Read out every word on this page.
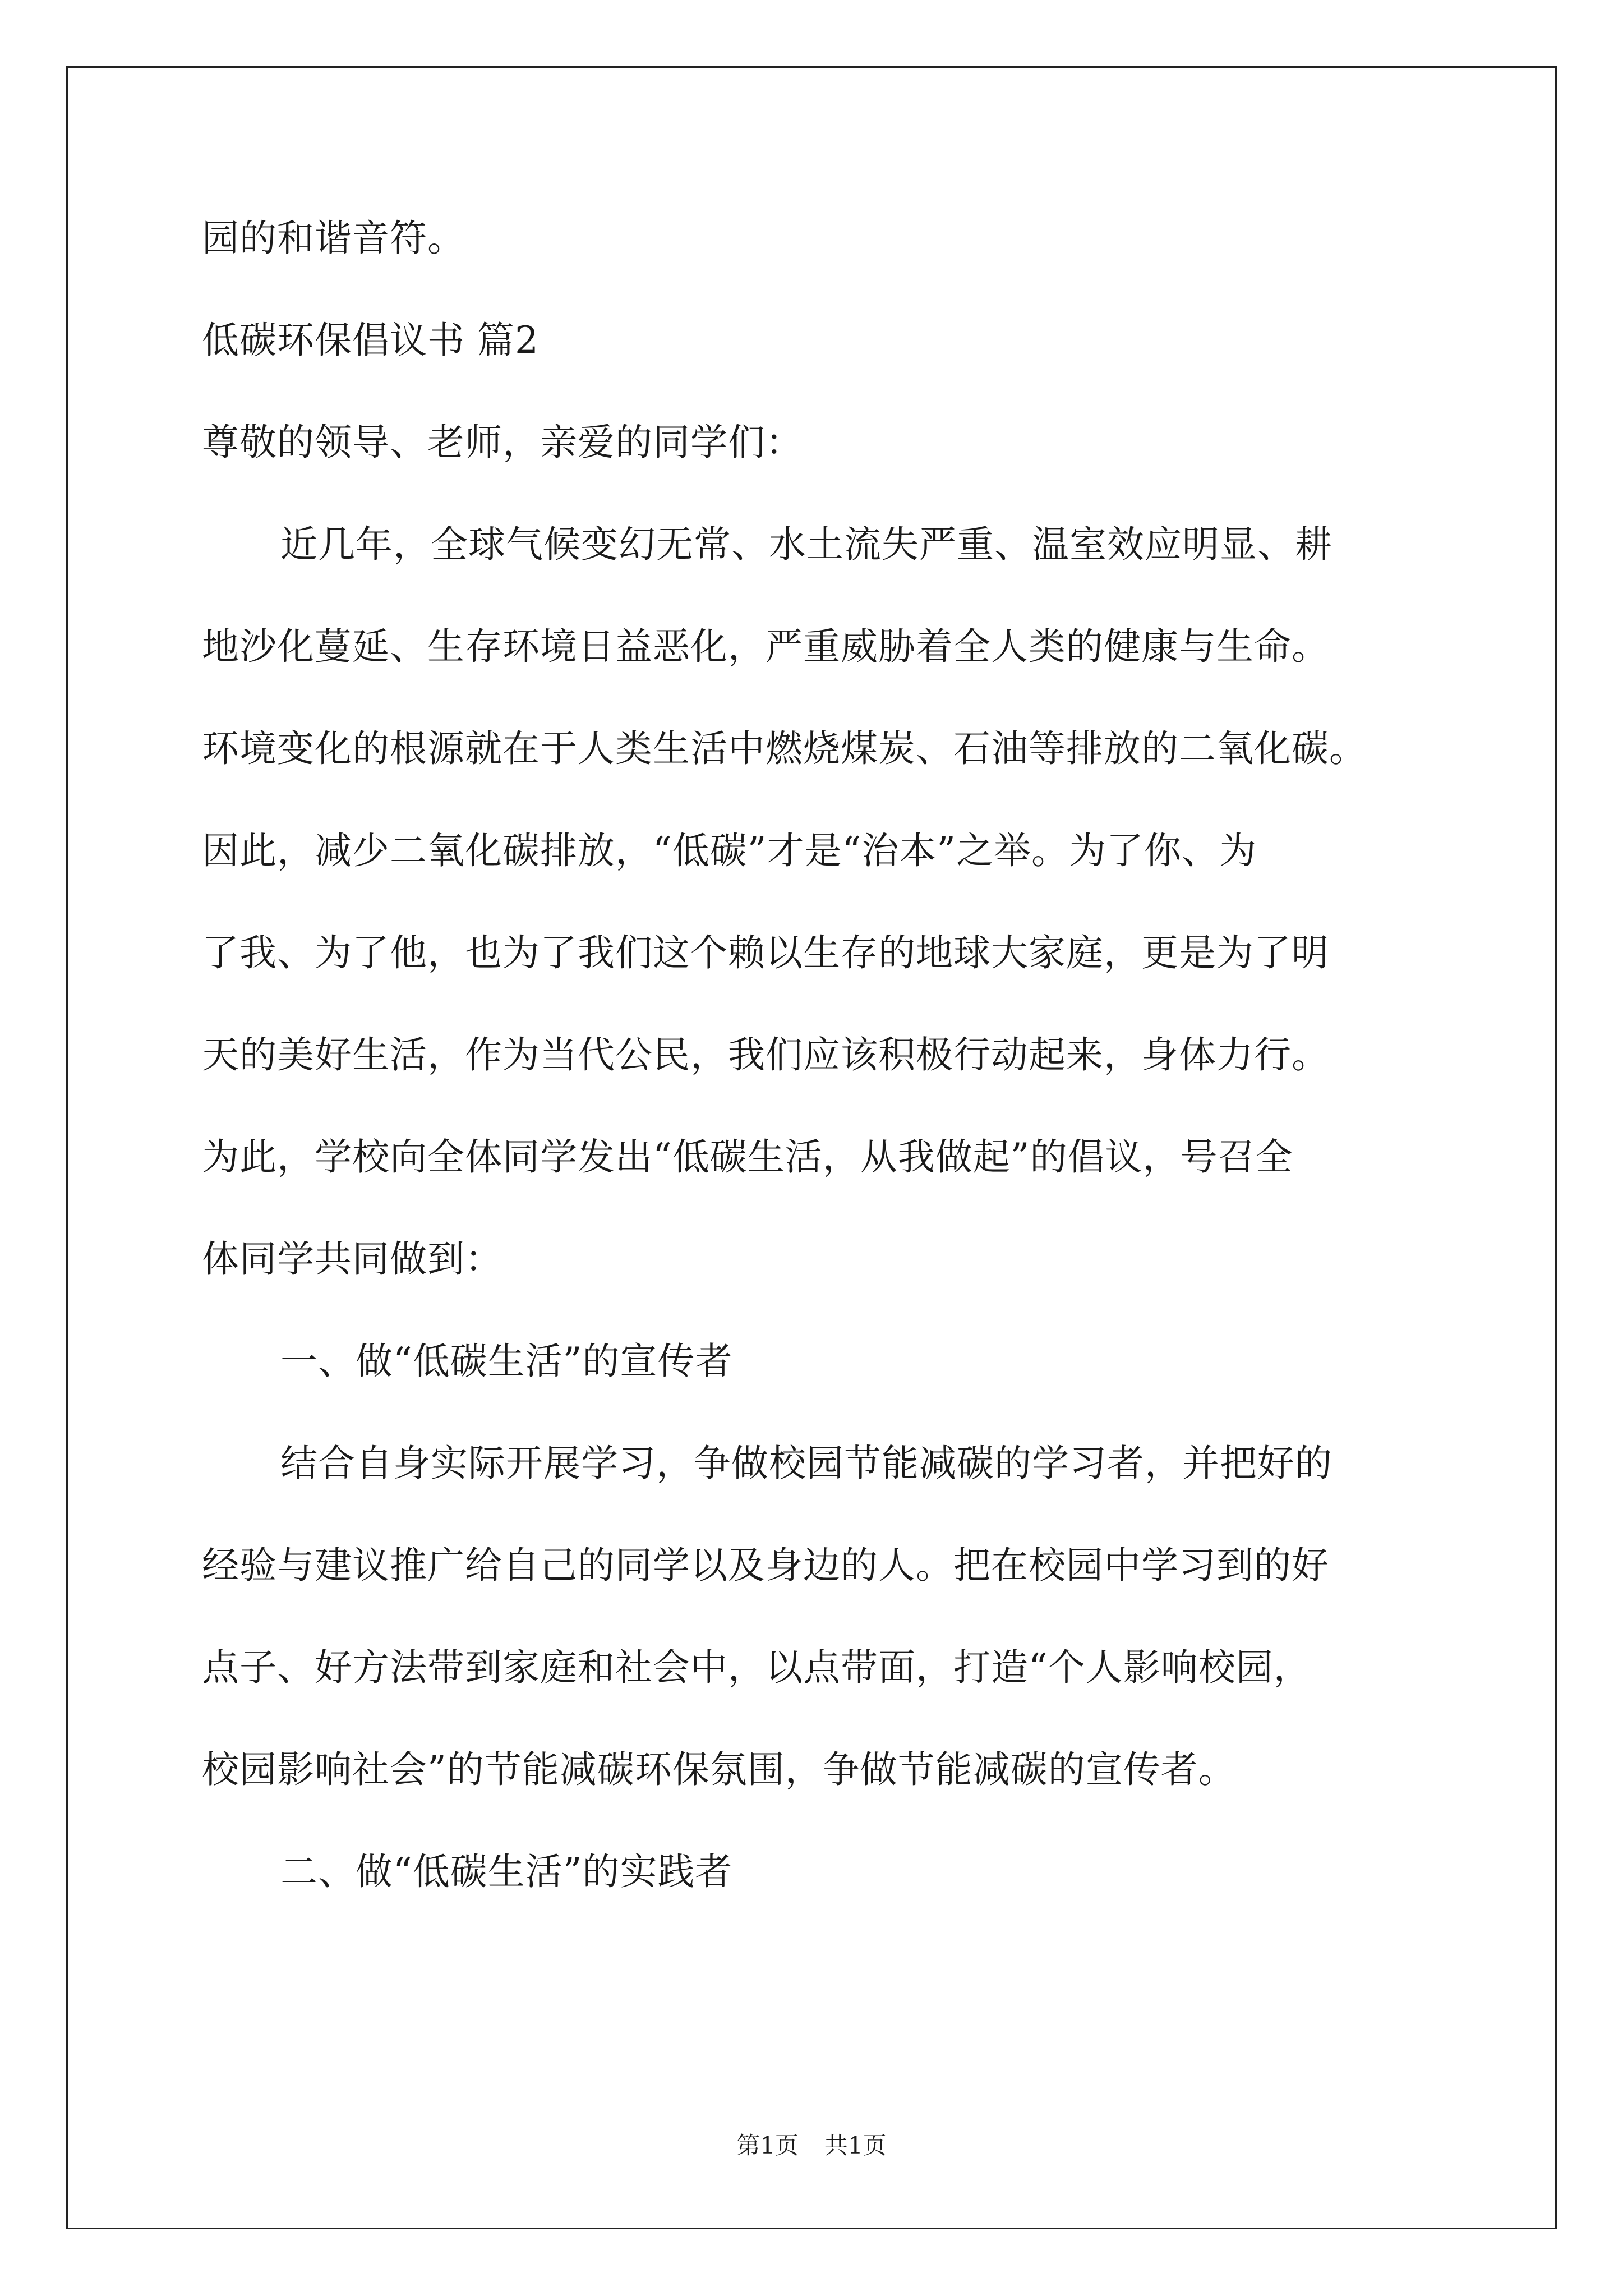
园的和谐音符。
低碳环保倡议书 篇2
尊敬的领导、老师，亲爱的同学们：
近几年，全球气候变幻无常、水土流失严重、温室效应明显、耕
地沙化蔓延、生存环境日益恶化，严重威胁着全人类的健康与生命。
环境变化的根源就在于人类生活中燃烧煤炭、石油等排放的二氧化碳。
因此，减少二氧化碳排放，“低碳”才是“治本”之举。为了你、为
了我、为了他，也为了我们这个赖以生存的地球大家庭，更是为了明
天的美好生活，作为当代公民，我们应该积极行动起来，身体力行。
为此，学校向全体同学发出“低碳生活，从我做起”的倡议，号召全
体同学共同做到：
一、做“低碳生活”的宣传者
结合自身实际开展学习，争做校园节能减碳的学习者，并把好的
经验与建议推广给自己的同学以及身边的人。把在校园中学习到的好
点子、好方法带到家庭和社会中，以点带面，打造“个人影响校园，
校园影响社会”的节能减碳环保氛围，争做节能减碳的宣传者。
二、做“低碳生活”的实践者
第1页 共1页
